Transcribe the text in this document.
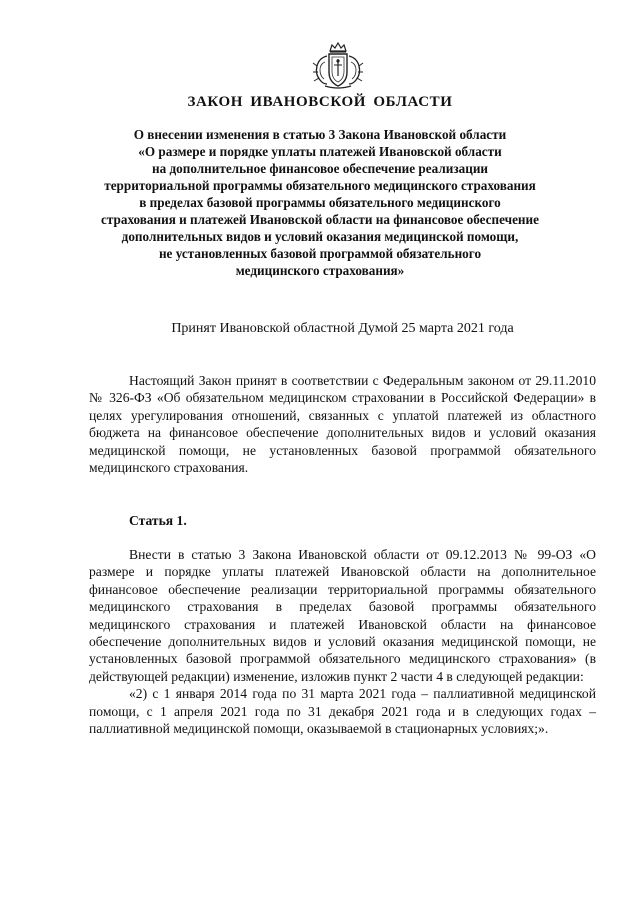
ЗАКОН ИВАНОВСКОЙ ОБЛАСТИ
О внесении изменения в статью 3 Закона Ивановской области
«О размере и порядке уплаты платежей Ивановской области
на дополнительное финансовое обеспечение реализации
территориальной программы обязательного медицинского страхования
в пределах базовой программы обязательного медицинского
страхования и платежей Ивановской области на финансовое обеспечение
дополнительных видов и условий оказания медицинской помощи,
не установленных базовой программой обязательного
медицинского страхования»
Принят Ивановской областной Думой 25 марта 2021 года

Настоящий Закон принят в соответствии с Федеральным законом от 29.11.2010 № 326-ФЗ «Об обязательном медицинском страховании в Российской Федерации» в целях урегулирования отношений, связанных с уплатой платежей из областного бюджета на финансовое обеспечение дополнительных видов и условий оказания медицинской помощи, не установленных базовой программой обязательного медицинского страхования.

Статья 1.

Внести в статью 3 Закона Ивановской области от 09.12.2013 № 99-ОЗ «О размере и порядке уплаты платежей Ивановской области на дополнительное финансовое обеспечение реализации территориальной программы обязательного медицинского страхования в пределах базовой программы обязательного медицинского страхования и платежей Ивановской области на финансовое обеспечение дополнительных видов и условий оказания медицинской помощи, не установленных базовой программой обязательного медицинского страхования» (в действующей редакции) изменение, изложив пункт 2 части 4 в следующей редакции:

«2) с 1 января 2014 года по 31 марта 2021 года – паллиативной медицинской помощи, с 1 апреля 2021 года по 31 декабря 2021 года и в следующих годах – паллиативной медицинской помощи, оказываемой в стационарных условиях;».
